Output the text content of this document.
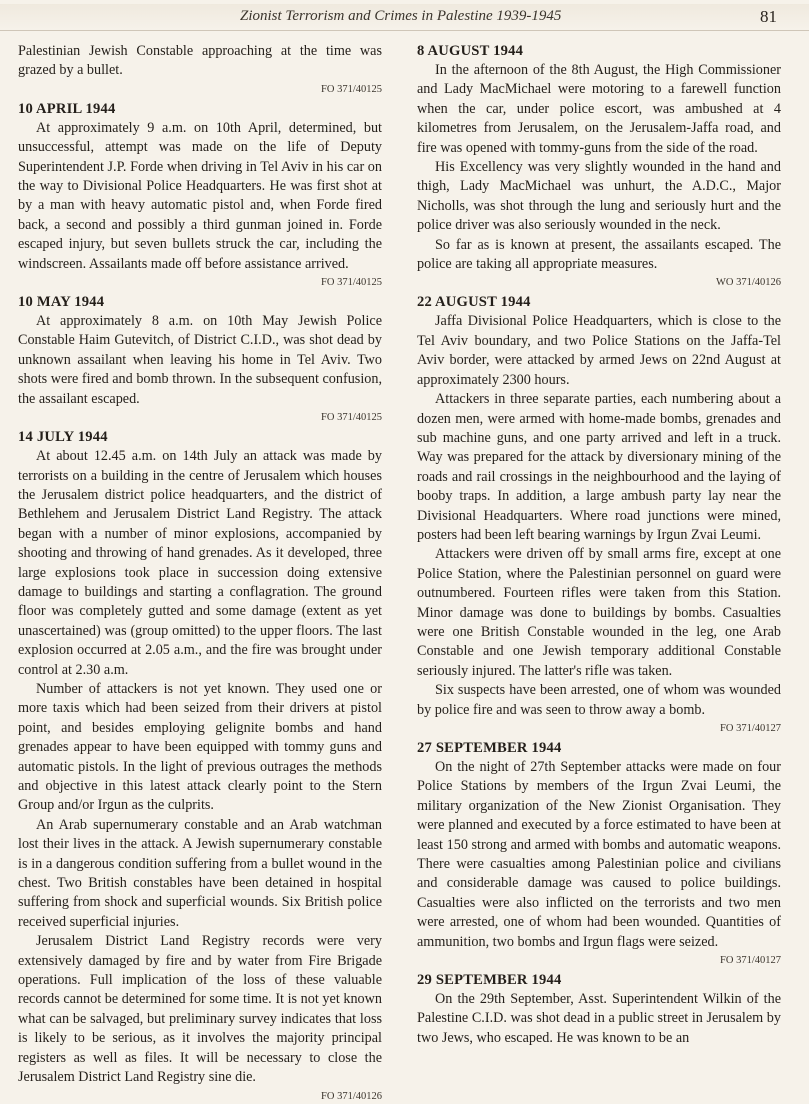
Zionist Terrorism and Crimes in Palestine 1939-1945	81

Palestinian Jewish Constable approaching at the time was grazed by a bullet.

FO 371/40125
10 APRIL 1944

At approximately 9 a.m. on 10th April, determined, but unsuccessful, attempt was made on the life of Deputy Superintendent J.P. Forde when driving in Tel Aviv in his car on the way to Divisional Police Headquarters. He was first shot at by a man with heavy automatic pistol and, when Forde fired back, a second and possibly a third gunman joined in. Forde escaped injury, but seven bullets struck the car, including the windscreen. Assailants made off before assistance arrived.

FO 371/40125
10 MAY 1944

At approximately 8 a.m. on 10th May Jewish Police Constable Haim Gutevitch, of District C.I.D., was shot dead by unknown assailant when leaving his home in Tel Aviv. Two shots were fired and bomb thrown. In the subsequent confusion, the assailant escaped.

FO 371/40125
14 JULY 1944

At about 12.45 a.m. on 14th July an attack was made by terrorists on a building in the centre of Jerusalem which houses the Jerusalem district police headquarters, and the district of Bethlehem and Jerusalem District Land Registry. The attack began with a number of minor explosions, accompanied by shooting and throwing of hand grenades. As it developed, three large explosions took place in succession doing extensive damage to buildings and starting a conflagration. The ground floor was completely gutted and some damage (extent as yet unascertained) was (group omitted) to the upper floors. The last explosion occurred at 2.05 a.m., and the fire was brought under control at 2.30 a.m.

Number of attackers is not yet known. They used one or more taxis which had been seized from their drivers at pistol point, and besides employing gelignite bombs and hand grenades appear to have been equipped with tommy guns and automatic pistols. In the light of previous outrages the methods and objective in this latest attack clearly point to the Stern Group and/or Irgun as the culprits.

An Arab supernumerary constable and an Arab watchman lost their lives in the attack. A Jewish supernumerary constable is in a dangerous condition suffering from a bullet wound in the chest. Two British constables have been detained in hospital suffering from shock and superficial wounds. Six British police received superficial injuries.

Jerusalem District Land Registry records were very extensively damaged by fire and by water from Fire Brigade operations. Full implication of the loss of these valuable records cannot be determined for some time. It is not yet known what can be salvaged, but preliminary survey indicates that loss is likely to be serious, as it involves the majority principal registers as well as files. It will be necessary to close the Jerusalem District Land Registry sine die.

FO 371/40126
8 AUGUST 1944

In the afternoon of the 8th August, the High Commissioner and Lady MacMichael were motoring to a farewell function when the car, under police escort, was ambushed at 4 kilometres from Jerusalem, on the Jerusalem-Jaffa road, and fire was opened with tommy-guns from the side of the road.

His Excellency was very slightly wounded in the hand and thigh, Lady MacMichael was unhurt, the A.D.C., Major Nicholls, was shot through the lung and seriously hurt and the police driver was also seriously wounded in the neck.

So far as is known at present, the assailants escaped. The police are taking all appropriate measures.

WO 371/40126
22 AUGUST 1944

Jaffa Divisional Police Headquarters, which is close to the Tel Aviv boundary, and two Police Stations on the Jaffa-Tel Aviv border, were attacked by armed Jews on 22nd August at approximately 2300 hours.

Attackers in three separate parties, each numbering about a dozen men, were armed with home-made bombs, grenades and sub machine guns, and one party arrived and left in a truck. Way was prepared for the attack by diversionary mining of the roads and rail crossings in the neighbourhood and the laying of booby traps. In addition, a large ambush party lay near the Divisional Headquarters. Where road junctions were mined, posters had been left bearing warnings by Irgun Zvai Leumi.

Attackers were driven off by small arms fire, except at one Police Station, where the Palestinian personnel on guard were outnumbered. Fourteen rifles were taken from this Station. Minor damage was done to buildings by bombs. Casualties were one British Constable wounded in the leg, one Arab Constable and one Jewish temporary additional Constable seriously injured. The latter's rifle was taken.

Six suspects have been arrested, one of whom was wounded by police fire and was seen to throw away a bomb.

FO 371/40127
27 SEPTEMBER 1944

On the night of 27th September attacks were made on four Police Stations by members of the Irgun Zvai Leumi, the military organization of the New Zionist Organisation. They were planned and executed by a force estimated to have been at least 150 strong and armed with bombs and automatic weapons. There were casualties among Palestinian police and civilians and considerable damage was caused to police buildings. Casualties were also inflicted on the terrorists and two men were arrested, one of whom had been wounded. Quantities of ammunition, two bombs and Irgun flags were seized.

FO 371/40127
29 SEPTEMBER 1944

On the 29th September, Asst. Superintendent Wilkin of the Palestine C.I.D. was shot dead in a public street in Jerusalem by two Jews, who escaped. He was known to be an
